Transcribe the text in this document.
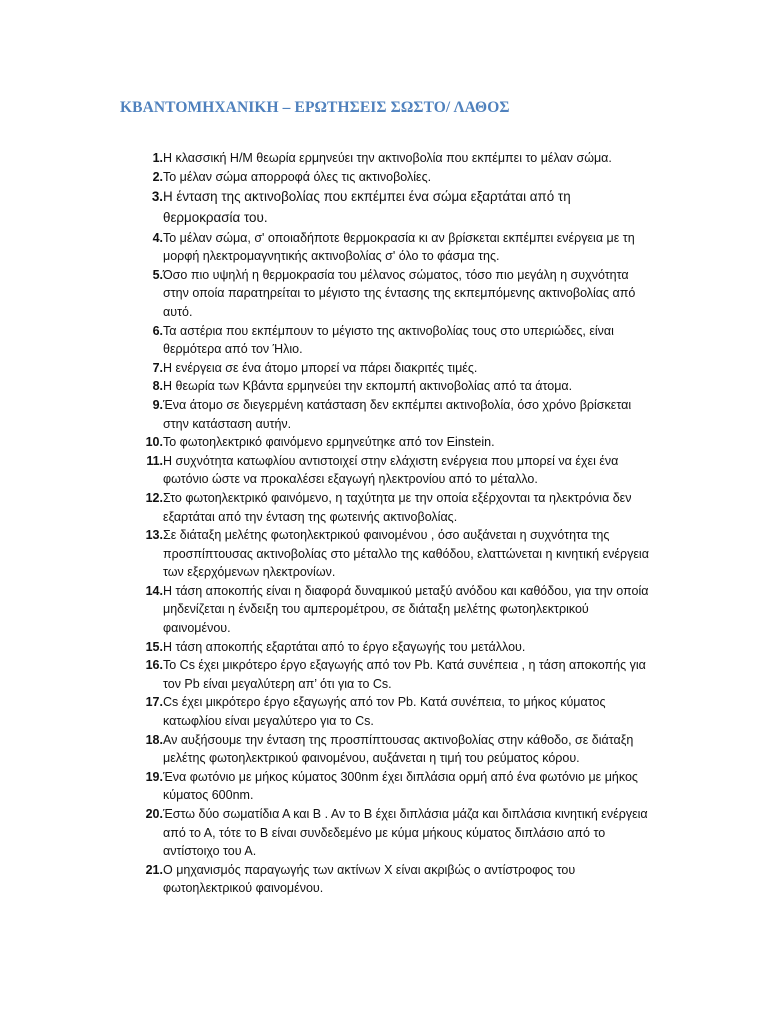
ΚΒΑΝΤΟΜΗΧΑΝΙΚΗ – ΕΡΩΤΗΣΕΙΣ ΣΩΣΤΟ/ ΛΑΘΟΣ
1. Η κλασσική Η/Μ θεωρία ερμηνεύει την ακτινοβολία που εκπέμπει το μέλαν σώμα.
2. Το μέλαν σώμα απορροφά όλες τις ακτινοβολίες.
3. Η ένταση της ακτινοβολίας που εκπέμπει ένα σώμα εξαρτάται από τη θερμοκρασία του.
4. Το μέλαν σώμα, σ' οποιαδήποτε θερμοκρασία κι αν βρίσκεται εκπέμπει ενέργεια με τη μορφή ηλεκτρομαγνητικής ακτινοβολίας σ' όλο το φάσμα της.
5. Όσο πιο υψηλή η θερμοκρασία του μέλανος σώματος, τόσο πιο μεγάλη η συχνότητα στην οποία παρατηρείται το μέγιστο της έντασης της εκπεμπόμενης ακτινοβολίας από αυτό.
6. Τα αστέρια που εκπέμπουν το μέγιστο της ακτινοβολίας τους στο υπεριώδες, είναι θερμότερα από τον Ήλιο.
7. Η ενέργεια σε ένα άτομο μπορεί να πάρει διακριτές τιμές.
8. Η θεωρία των Κβάντα ερμηνεύει την εκπομπή ακτινοβολίας από τα άτομα.
9. Ένα άτομο σε διεγερμένη κατάσταση δεν εκπέμπει ακτινοβολία, όσο χρόνο βρίσκεται στην κατάσταση αυτήν.
10. Το φωτοηλεκτρικό φαινόμενο ερμηνεύτηκε από τον Einstein.
11. Η συχνότητα κατωφλίου αντιστοιχεί στην ελάχιστη ενέργεια που μπορεί να έχει ένα φωτόνιο ώστε να προκαλέσει εξαγωγή ηλεκτρονίου από το μέταλλο.
12. Στο φωτοηλεκτρικό φαινόμενο, η ταχύτητα με την οποία εξέρχονται τα ηλεκτρόνια δεν εξαρτάται από την ένταση της φωτεινής ακτινοβολίας.
13. Σε διάταξη μελέτης φωτοηλεκτρικού φαινομένου , όσο αυξάνεται η συχνότητα της προσπίπτουσας ακτινοβολίας στο μέταλλο της καθόδου, ελαττώνεται η κινητική ενέργεια των εξερχόμενων ηλεκτρονίων.
14. Η τάση αποκοπής είναι η διαφορά δυναμικού μεταξύ ανόδου και καθόδου, για την οποία μηδενίζεται η ένδειξη του αμπερομέτρου, σε διάταξη μελέτης φωτοηλεκτρικού φαινομένου.
15. Η τάση αποκοπής εξαρτάται από το έργο εξαγωγής του μετάλλου.
16. Το Cs έχει μικρότερο έργο εξαγωγής από τον Pb. Κατά συνέπεια , η τάση αποκοπής για τον Pb είναι μεγαλύτερη απ’ ότι για το Cs.
17. Cs έχει μικρότερο έργο εξαγωγής από τον Pb. Κατά συνέπεια, το μήκος κύματος κατωφλίου είναι μεγαλύτερο για το Cs.
18. Αν αυξήσουμε την ένταση της προσπίπτουσας ακτινοβολίας στην κάθοδο, σε διάταξη μελέτης φωτοηλεκτρικού φαινομένου, αυξάνεται η τιμή του ρεύματος κόρου.
19. Ένα φωτόνιο με μήκος κύματος 300nm έχει διπλάσια ορμή από ένα φωτόνιο με μήκος κύματος 600nm.
20. Έστω δύο σωματίδια Α και Β . Αν το Β έχει διπλάσια μάζα και διπλάσια κινητική ενέργεια από το Α, τότε το Β είναι συνδεδεμένο με κύμα μήκους κύματος διπλάσιο από το αντίστοιχο του Α.
21. Ο μηχανισμός παραγωγής των ακτίνων Χ είναι ακριβώς ο αντίστροφος του φωτοηλεκτρικού φαινομένου.
